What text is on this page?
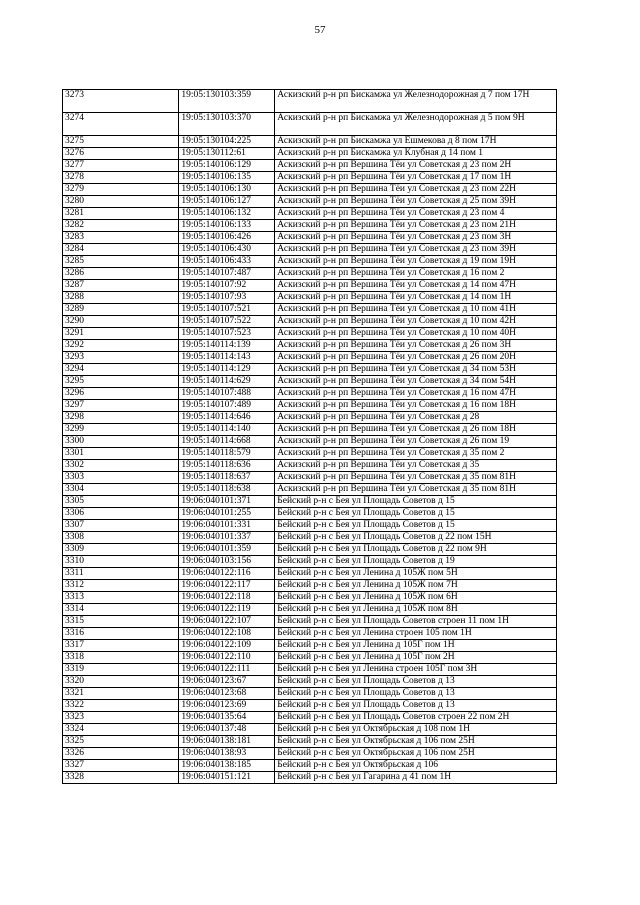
57
3273	19:05:130103:359	Аскизский р-н рп Бискамжа ул Железнодорожная д 7 пом 17Н
3274	19:05:130103:370	Аскизский р-н рп Бискамжа ул Железнодорожная д 5 пом 9Н
3275	19:05:130104:225	Аскизский р-н рп Бискамжа ул Ешмекова д 8 пом 17Н
3276	19:05:130112:61	Аскизский р-н рп Бискамжа ул Клубная д 14 пом 1
3277	19:05:140106:129	Аскизский р-н рп Вершина Тёи ул Советская д 23 пом 2Н
3278	19:05:140106:135	Аскизский р-н рп Вершина Тёи ул Советская д 17 пом 1Н
3279	19:05:140106:130	Аскизский р-н рп Вершина Тёи ул Советская д 23 пом 22Н
3280	19:05:140106:127	Аскизский р-н рп Вершина Тёи ул Советская д 25 пом 39Н
3281	19:05:140106:132	Аскизский р-н рп Вершина Тёи ул Советская д 23 пом 4
3282	19:05:140106:133	Аскизский р-н рп Вершина Тёи ул Советская д 23 пом 21Н
3283	19:05:140106:426	Аскизский р-н рп Вершина Тёи ул Советская д 23 пом 3Н
3284	19:05:140106:430	Аскизский р-н рп Вершина Тёи ул Советская д 23 пом 39Н
3285	19:05:140106:433	Аскизский р-н рп Вершина Тёи ул Советская д 19 пом 19Н
3286	19:05:140107:487	Аскизский р-н рп Вершина Тёи ул Советская д 16 пом 2
3287	19:05:140107:92	Аскизский р-н рп Вершина Тёи ул Советская д 14 пом 47Н
3288	19:05:140107:93	Аскизский р-н рп Вершина Тёи ул Советская д 14 пом 1Н
3289	19:05:140107:521	Аскизский р-н рп Вершина Тёи ул Советская д 10 пом 41Н
3290	19:05:140107:522	Аскизский р-н рп Вершина Тёи ул Советская д 10 пом 42Н
3291	19:05:140107:523	Аскизский р-н рп Вершина Тёи ул Советская д 10 пом 40Н
3292	19:05:140114:139	Аскизский р-н рп Вершина Тёи ул Советская д 26 пом 3Н
3293	19:05:140114:143	Аскизский р-н рп Вершина Тёи ул Советская д 26 пом 20Н
3294	19:05:140114:129	Аскизский р-н рп Вершина Тёи ул Советская д 34 пом 53Н
3295	19:05:140114:629	Аскизский р-н рп Вершина Тёи ул Советская д 34 пом 54Н
3296	19:05:140107:488	Аскизский р-н рп Вершина Тёи ул Советская д 16 пом 47Н
3297	19:05:140107:489	Аскизский р-н рп Вершина Тёи ул Советская д 16 пом 18Н
3298	19:05:140114:646	Аскизский р-н рп Вершина Тёи ул Советская д 28
3299	19:05:140114:140	Аскизский р-н рп Вершина Тёи ул Советская д 26 пом 18Н
3300	19:05:140114:668	Аскизский р-н рп Вершина Тёи ул Советская д 26 пом 19
3301	19:05:140118:579	Аскизский р-н рп Вершина Тёи ул Советская д 35 пом 2
3302	19:05:140118:636	Аскизский р-н рп Вершина Тёи ул Советская д 35
3303	19:05:140118:637	Аскизский р-н рп Вершина Тёи ул Советская д 35 пом 81Н
3304	19:05:140118:638	Аскизский р-н рп Вершина Тёи ул Советская д 35 пом 81Н
3305	19:06:040101:371	Бейский р-н с Бея ул Площадь Советов д 15
3306	19:06:040101:255	Бейский р-н с Бея ул Площадь Советов д 15
3307	19:06:040101:331	Бейский р-н с Бея ул Площадь Советов д 15
3308	19:06:040101:337	Бейский р-н с Бея ул Площадь Советов д 22 пом 15Н
3309	19:06:040101:359	Бейский р-н с Бея ул Площадь Советов д 22 пом 9Н
3310	19:06:040103:156	Бейский р-н с Бея ул Площадь Советов д 19
3311	19:06:040122:116	Бейский р-н с Бея ул Ленина д 105Ж пом 5Н
3312	19:06:040122:117	Бейский р-н с Бея ул Ленина д 105Ж пом 7Н
3313	19:06:040122:118	Бейский р-н с Бея ул Ленина д 105Ж пом 6Н
3314	19:06:040122:119	Бейский р-н с Бея ул Ленина д 105Ж пом 8Н
3315	19:06:040122:107	Бейский р-н с Бея ул Площадь Советов строен 11 пом 1Н
3316	19:06:040122:108	Бейский р-н с Бея ул Ленина строен 105 пом 1Н
3317	19:06:040122:109	Бейский р-н с Бея ул Ленина д 105Г пом 1Н
3318	19:06:040122:110	Бейский р-н с Бея ул Ленина д 105Г пом 2Н
3319	19:06:040122:111	Бейский р-н с Бея ул Ленина строен 105Г пом 3Н
3320	19:06:040123:67	Бейский р-н с Бея ул Площадь Советов д 13
3321	19:06:040123:68	Бейский р-н с Бея ул Площадь Советов д 13
3322	19:06:040123:69	Бейский р-н с Бея ул Площадь Советов д 13
3323	19:06:040135:64	Бейский р-н с Бея ул Площадь Советов строен 22 пом 2Н
3324	19:06:040137:48	Бейский р-н с Бея ул Октябрьская д 108 пом 1Н
3325	19:06:040138:181	Бейский р-н с Бея ул Октябрьская д 106 пом 25Н
3326	19:06:040138:93	Бейский р-н с Бея ул Октябрьская д 106 пом 25Н
3327	19:06:040138:185	Бейский р-н с Бея ул Октябрьская д 106
3328	19:06:040151:121	Бейский р-н с Бея ул Гагарина д 41 пом 1Н
